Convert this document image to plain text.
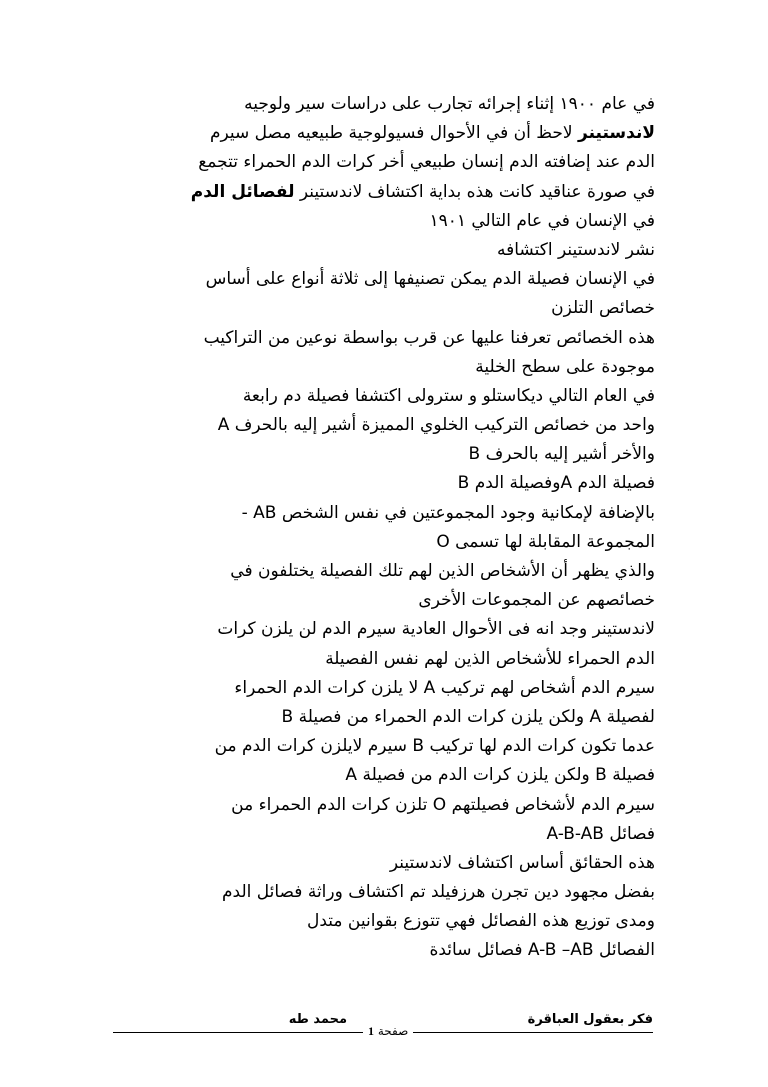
في عام ١٩٠٠ إثناء إجرائه تجارب على دراسات سير ولوجيه
لاندستينر لاحظ أن في الأحوال فسيولوجية طبيعيه مصل سيرم
الدم عند إضافته الدم إنسان طبيعي أخر كرات الدم الحمراء تتجمع
في صورة عناقيد كانت هذه بداية اكتشاف لاندستينر لفصائل الدم
في الإنسان في عام التالي ١٩٠١
نشر لاندستينر اكتشافه
في الإنسان فصيلة الدم يمكن تصنيفها إلى ثلاثة أنواع على أساس
خصائص التلزن
هذه الخصائص تعرفنا عليها عن قرب بواسطة نوعين من التراكيب
موجودة على سطح الخلية
في العام التالي ديكاستلو و سترولى اكتشفا فصيلة دم رابعة
واحد من خصائص التركيب الخلوي المميزة أشير إليه بالحرف A
والأخر أشير إليه بالحرف B
فصيلة الدم Aوفصيلة الدم B
بالإضافة لإمكانية وجود المجموعتين في نفس الشخص AB -
المجموعة المقابلة لها تسمى O
والذي يظهر أن الأشخاص الذين لهم تلك الفصيلة يختلفون في
خصائصهم عن المجموعات الأخرى
لاندستينر وجد انه فى الأحوال العادية سيرم الدم لن يلزن كرات
الدم الحمراء للأشخاص الذين لهم نفس الفصيلة
سيرم الدم أشخاص لهم تركيب A لا يلزن كرات الدم الحمراء
لفصيلة A ولكن يلزن كرات الدم الحمراء من فصيلة B
عدما تكون كرات الدم لها تركيب B سيرم لايلزن كرات الدم من
فصيلة B ولكن يلزن كرات الدم من فصيلة A
سيرم الدم لأشخاص فصيلتهم O تلزن كرات الدم الحمراء من
فصائل A-B-AB
هذه الحقائق أساس اكتشاف لاندستينر
بفضل مجهود دين تجرن هرزفيلد تم اكتشاف وراثة فصائل الدم
ومدى توزيع هذه الفصائل فهي تتوزع بقوانين متدل
الفصائل A-B –AB فصائل سائدة
فكر بعقول العباقرة
محمد طه
صفحة 1
